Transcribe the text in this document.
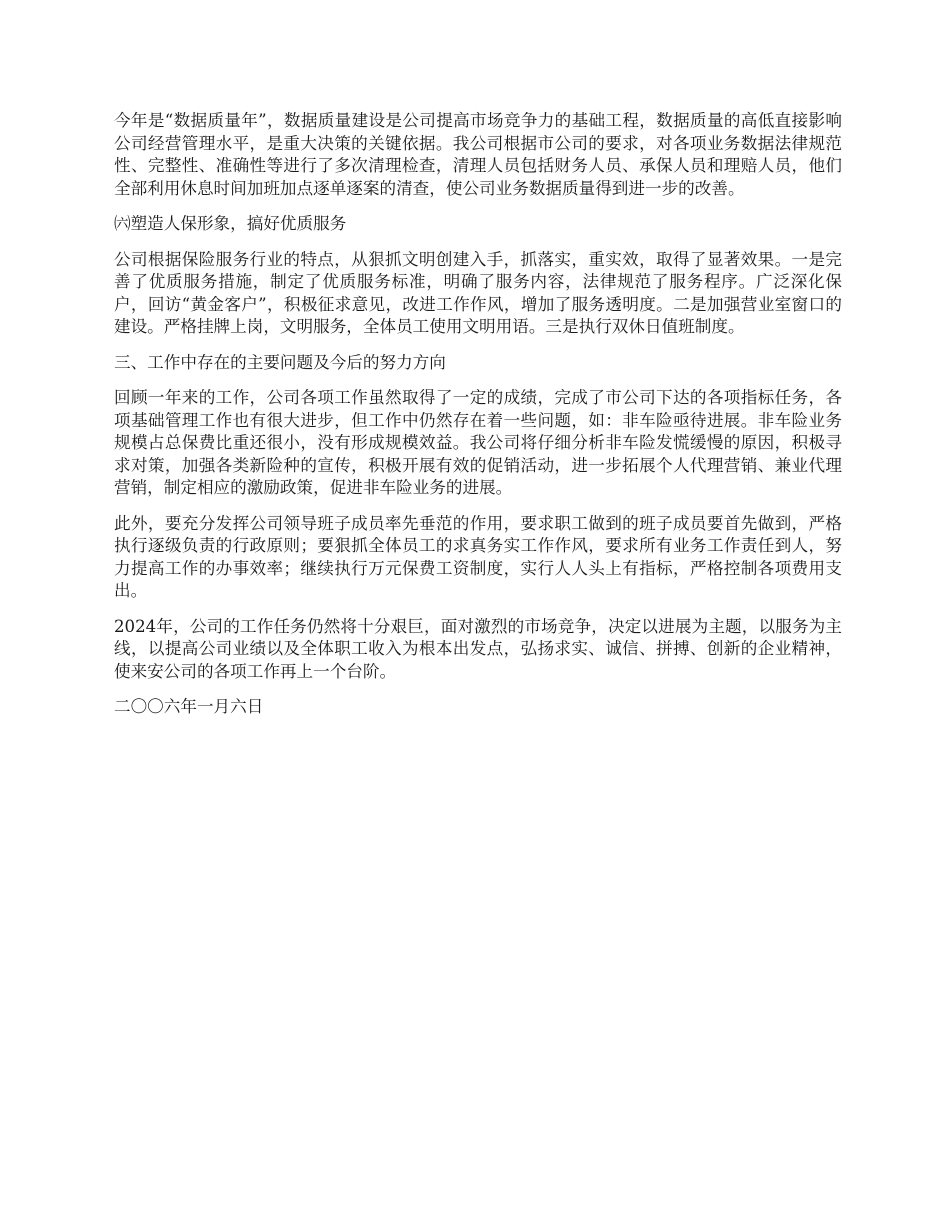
今年是“数据质量年”，数据质量建设是公司提高市场竞争力的基础工程，数据质量的高低直接影响公司经营管理水平，是重大决策的关键依据。我公司根据市公司的要求，对各项业务数据法律规范性、完整性、准确性等进行了多次清理检查，清理人员包括财务人员、承保人员和理赔人员，他们全部利用休息时间加班加点逐单逐案的清查，使公司业务数据质量得到进一步的改善。

㈥塑造人保形象，搞好优质服务

公司根据保险服务行业的特点，从狠抓文明创建入手，抓落实，重实效，取得了显著效果。一是完善了优质服务措施，制定了优质服务标准，明确了服务内容，法律规范了服务程序。广泛深化保户，回访“黄金客户”，积极征求意见，改进工作作风，增加了服务透明度。二是加强营业室窗口的建设。严格挂牌上岗，文明服务，全体员工使用文明用语。三是执行双休日值班制度。

三、工作中存在的主要问题及今后的努力方向

回顾一年来的工作，公司各项工作虽然取得了一定的成绩，完成了市公司下达的各项指标任务，各项基础管理工作也有很大进步，但工作中仍然存在着一些问题，如：非车险亟待进展。非车险业务规模占总保费比重还很小，没有形成规模效益。我公司将仔细分析非车险发慌缓慢的原因，积极寻求对策，加强各类新险种的宣传，积极开展有效的促销活动，进一步拓展个人代理营销、兼业代理营销，制定相应的激励政策，促进非车险业务的进展。

此外，要充分发挥公司领导班子成员率先垂范的作用，要求职工做到的班子成员要首先做到，严格执行逐级负责的行政原则；要狠抓全体员工的求真务实工作作风，要求所有业务工作责任到人，努力提高工作的办事效率；继续执行万元保费工资制度，实行人人头上有指标，严格控制各项费用支出。

2024年，公司的工作任务仍然将十分艰巨，面对激烈的市场竞争，决定以进展为主题，以服务为主线，以提高公司业绩以及全体职工收入为根本出发点，弘扬求实、诚信、拼搏、创新的企业精神，使来安公司的各项工作再上一个台阶。

二〇〇六年一月六日
